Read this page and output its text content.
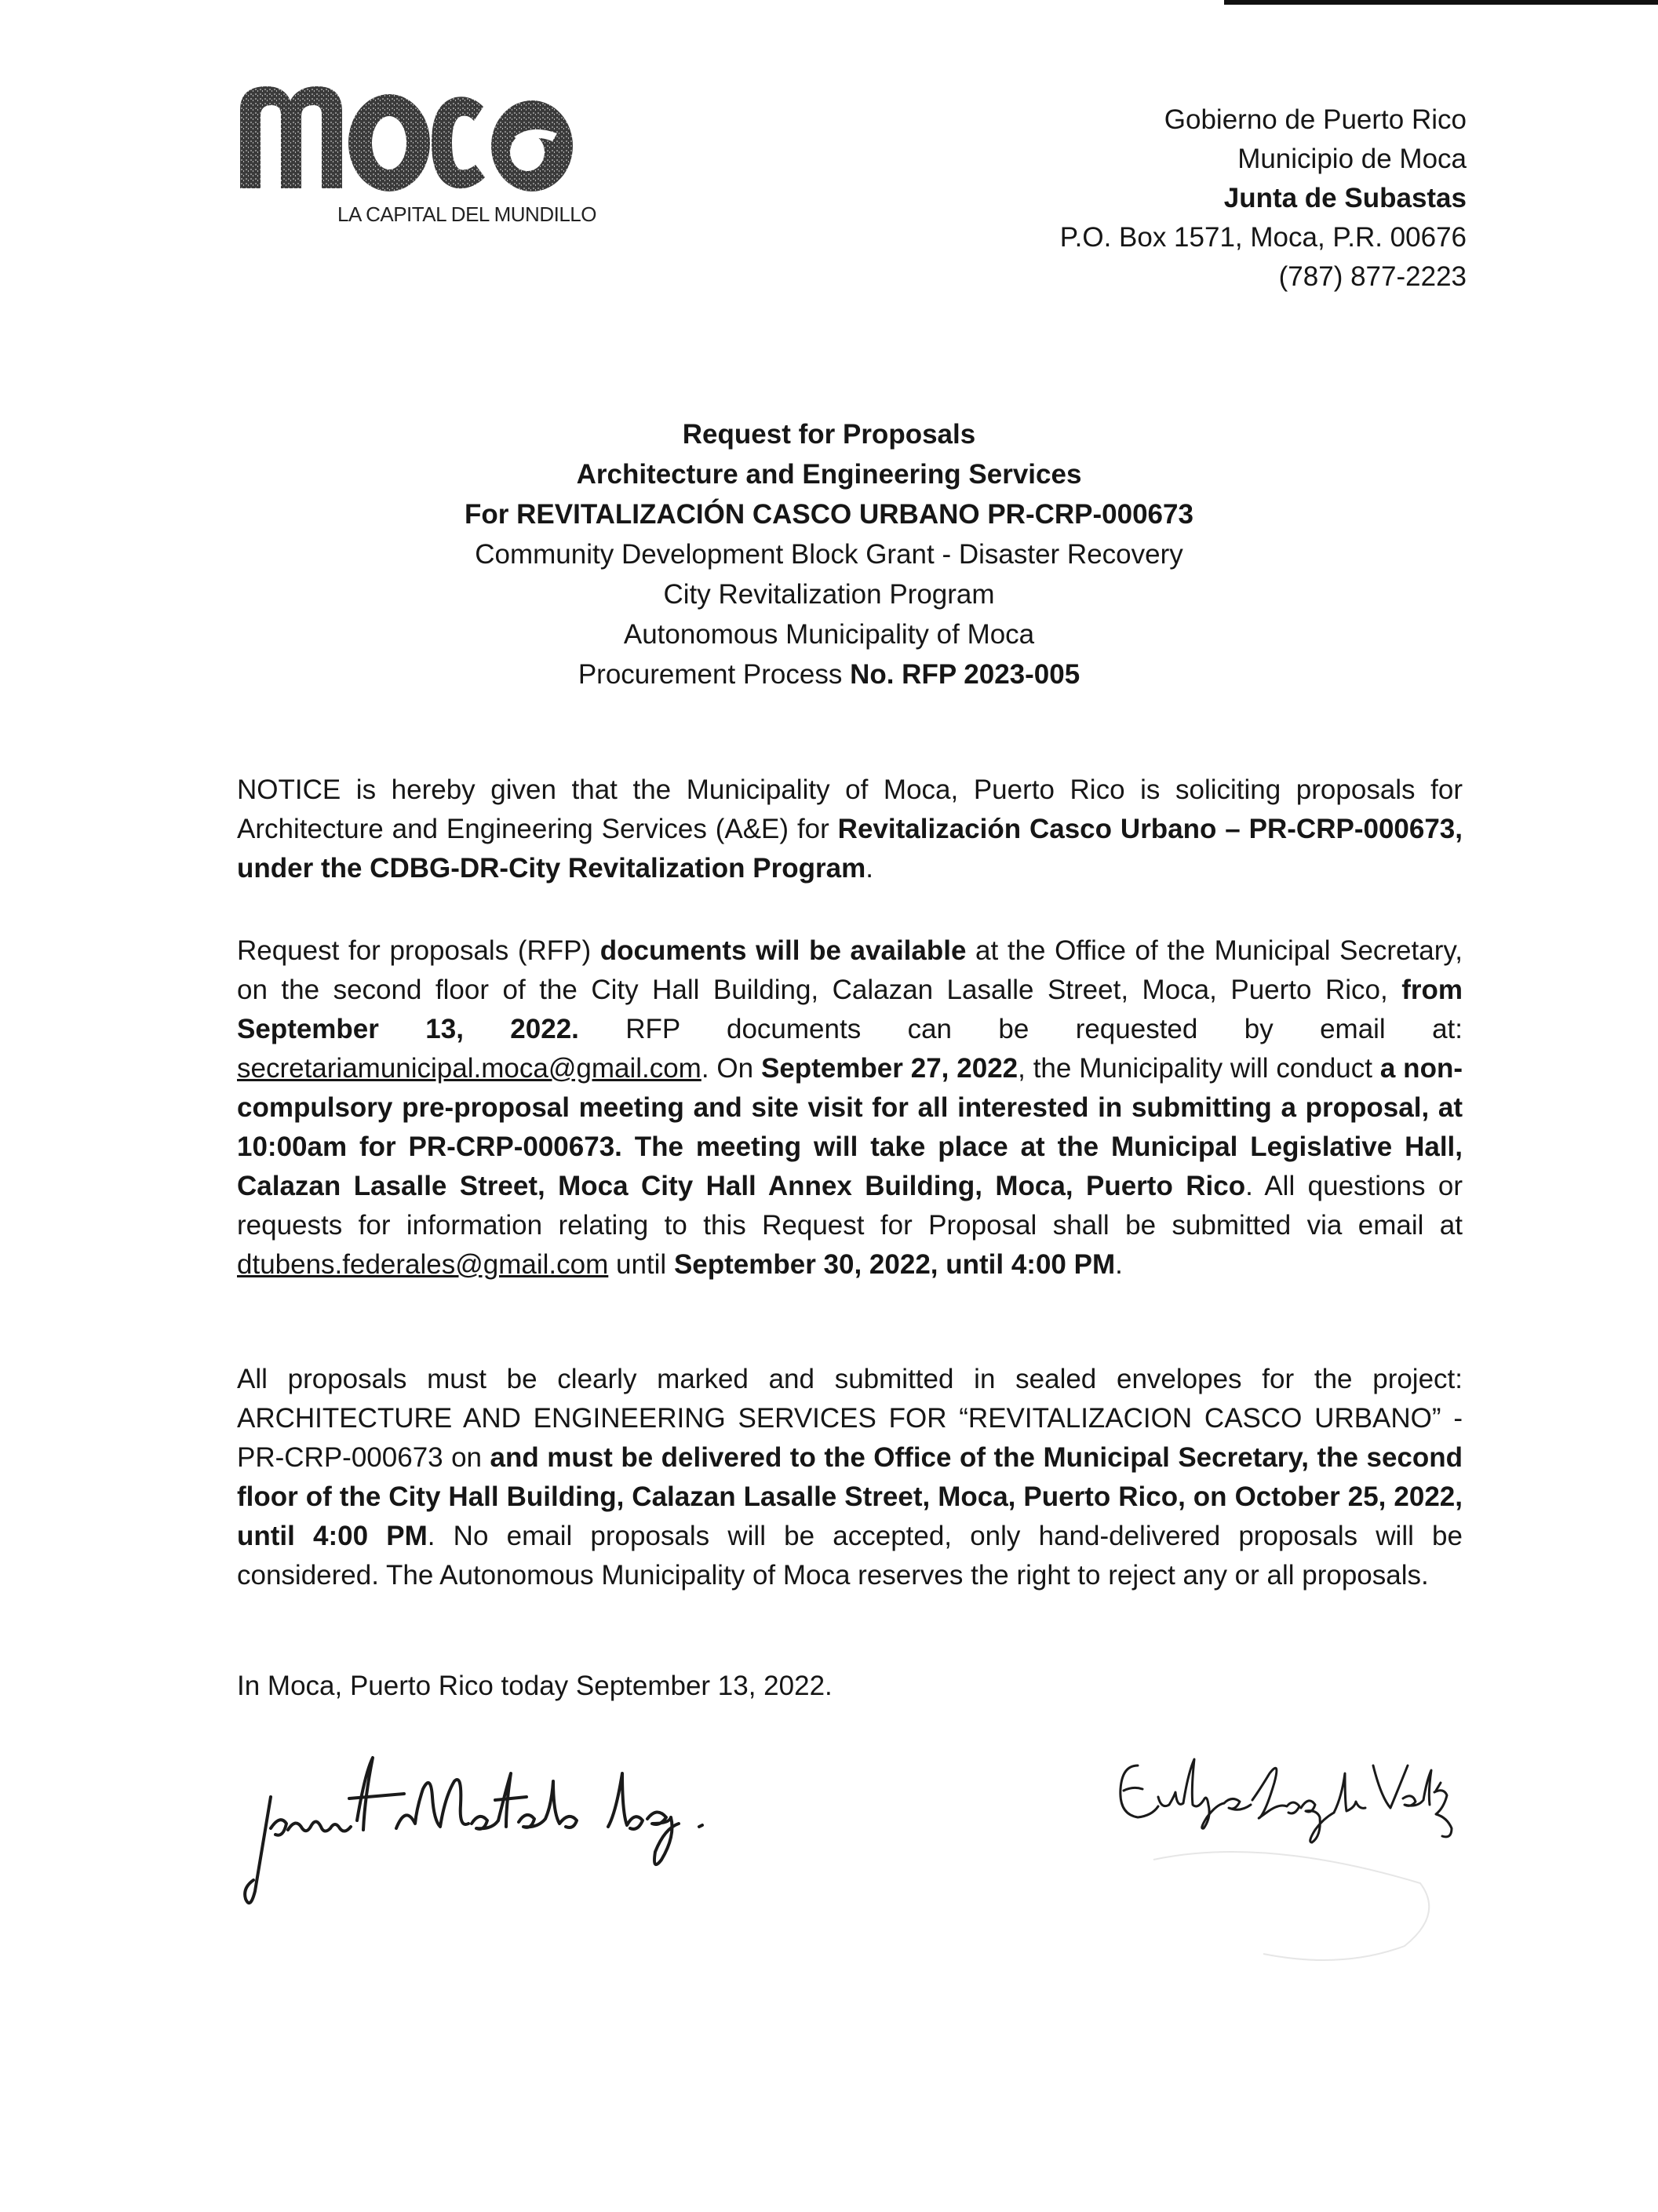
LA CAPITAL DEL MUNDILLO
Gobierno de Puerto Rico
Municipio de Moca
Junta de Subastas
P.O. Box 1571, Moca, P.R. 00676
(787) 877-2223
Request for Proposals
Architecture and Engineering Services
For REVITALIZACIÓN CASCO URBANO PR-CRP-000673
Community Development Block Grant - Disaster Recovery
City Revitalization Program
Autonomous Municipality of Moca
Procurement Process No. RFP 2023-005

NOTICE is hereby given that the Municipality of Moca, Puerto Rico is soliciting proposals for Architecture and Engineering Services (A&E) for Revitalización Casco Urbano – PR-CRP-000673, under the CDBG-DR-City Revitalization Program.

Request for proposals (RFP) documents will be available at the Office of the Municipal Secretary, on the second floor of the City Hall Building, Calazan Lasalle Street, Moca, Puerto Rico, from September 13, 2022. RFP documents can be requested by email at: secretariamunicipal.moca@gmail.com. On September 27, 2022, the Municipality will conduct a non-compulsory pre-proposal meeting and site visit for all interested in submitting a proposal, at 10:00am for PR-CRP-000673. The meeting will take place at the Municipal Legislative Hall, Calazan Lasalle Street, Moca City Hall Annex Building, Moca, Puerto Rico. All questions or requests for information relating to this Request for Proposal shall be submitted via email at dtubens.federales@gmail.com until September 30, 2022, until 4:00 PM.

All proposals must be clearly marked and submitted in sealed envelopes for the project: ARCHITECTURE AND ENGINEERING SERVICES FOR “REVITALIZACION CASCO URBANO” - PR-CRP-000673 on and must be delivered to the Office of the Municipal Secretary, the second floor of the City Hall Building, Calazan Lasalle Street, Moca, Puerto Rico, on October 25, 2022, until 4:00 PM. No email proposals will be accepted, only hand-delivered proposals will be considered. The Autonomous Municipality of Moca reserves the right to reject any or all proposals.

In Moca, Puerto Rico today September 13, 2022.
